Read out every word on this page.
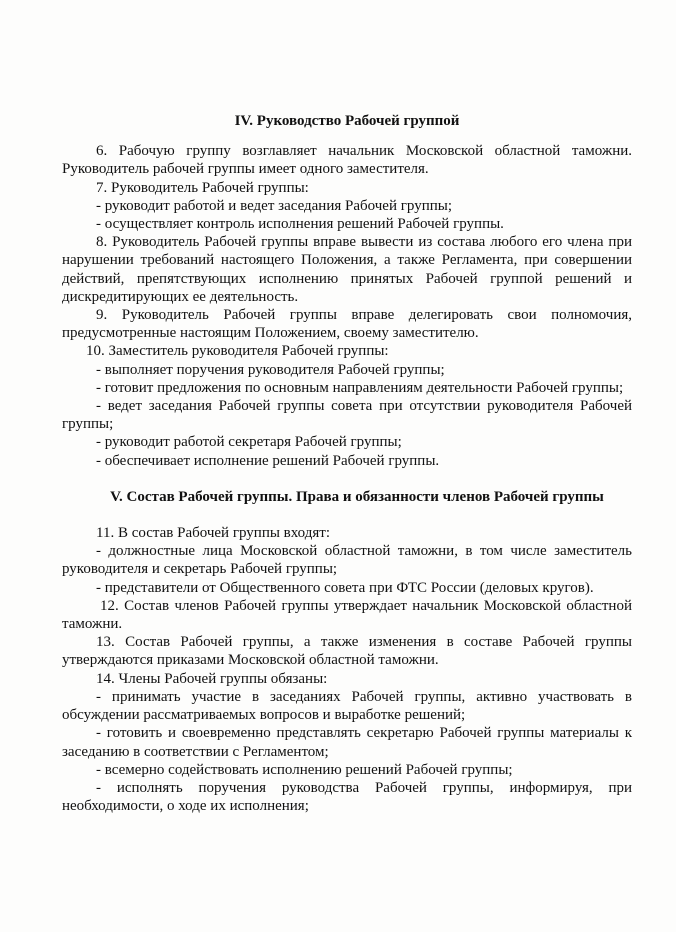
IV. Руководство Рабочей группой

6. Рабочую группу возглавляет начальник Московской областной таможни. Руководитель рабочей группы имеет одного заместителя.

7. Руководитель Рабочей группы:

- руководит работой и ведет заседания Рабочей группы;

- осуществляет контроль исполнения решений Рабочей группы.

8. Руководитель Рабочей группы вправе вывести из состава любого его члена при нарушении требований настоящего Положения, а также Регламента, при совершении действий, препятствующих исполнению принятых Рабочей группой решений и дискредитирующих ее деятельность.

9. Руководитель Рабочей группы вправе делегировать свои полномочия, предусмотренные настоящим Положением, своему заместителю.

10. Заместитель руководителя Рабочей группы:

- выполняет поручения руководителя Рабочей группы;

- готовит предложения по основным направлениям деятельности Рабочей группы;

- ведет заседания Рабочей группы совета при отсутствии руководителя Рабочей группы;

- руководит работой секретаря Рабочей группы;

- обеспечивает исполнение решений Рабочей группы.

V. Состав Рабочей группы. Права и обязанности членов Рабочей группы

11. В состав Рабочей группы входят:

- должностные лица Московской областной таможни, в том числе заместитель руководителя и секретарь Рабочей группы;

- представители от Общественного совета при ФТС России (деловых кругов).

12. Состав членов Рабочей группы утверждает начальник Московской областной таможни.

13. Состав Рабочей группы, а также изменения в составе Рабочей группы утверждаются приказами Московской областной таможни.

14. Члены Рабочей группы обязаны:

- принимать участие в заседаниях Рабочей группы, активно участвовать в обсуждении рассматриваемых вопросов и выработке решений;

- готовить и своевременно представлять секретарю Рабочей группы материалы к заседанию в соответствии с Регламентом;

- всемерно содействовать исполнению решений Рабочей группы;

- исполнять поручения руководства Рабочей группы, информируя, при необходимости, о ходе их исполнения;
